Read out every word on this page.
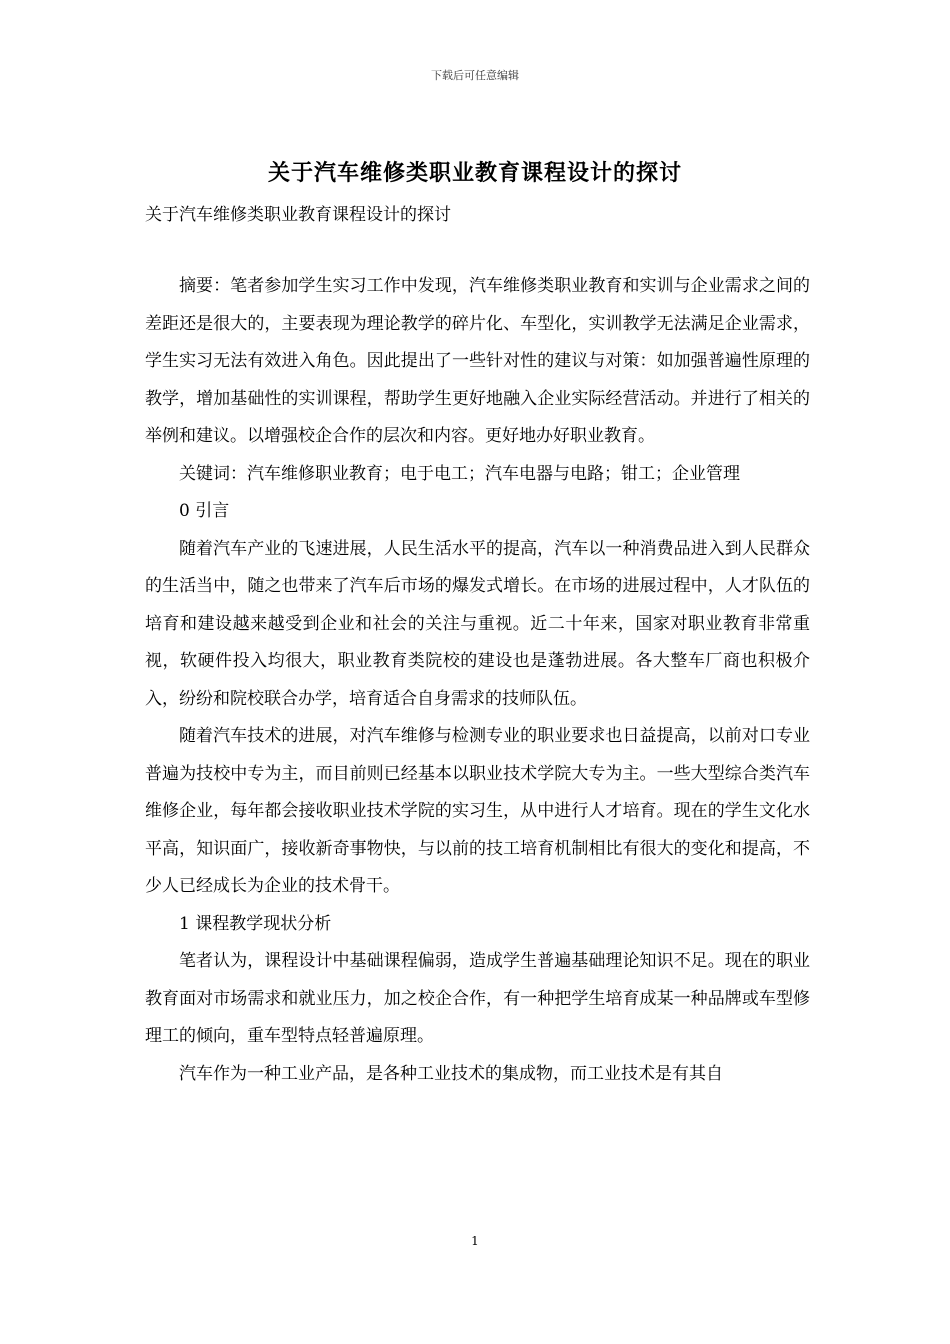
下载后可任意编辑
关于汽车维修类职业教育课程设计的探讨
关于汽车维修类职业教育课程设计的探讨

摘要：笔者参加学生实习工作中发现，汽车维修类职业教育和实训与企业需求之间的差距还是很大的，主要表现为理论教学的碎片化、车型化，实训教学无法满足企业需求，学生实习无法有效进入角色。因此提出了一些针对性的建议与对策：如加强普遍性原理的教学，增加基础性的实训课程，帮助学生更好地融入企业实际经营活动。并进行了相关的举例和建议。以增强校企合作的层次和内容。更好地办好职业教育。

关键词：汽车维修职业教育；电于电工；汽车电器与电路；钳工；企业管理

0 引言

随着汽车产业的飞速进展，人民生活水平的提高，汽车以一种消费品进入到人民群众的生活当中，随之也带来了汽车后市场的爆发式增长。在市场的进展过程中，人才队伍的培育和建设越来越受到企业和社会的关注与重视。近二十年来，国家对职业教育非常重视，软硬件投入均很大，职业教育类院校的建设也是蓬勃进展。各大整车厂商也积极介入，纷纷和院校联合办学，培育适合自身需求的技师队伍。

随着汽车技术的进展，对汽车维修与检测专业的职业要求也日益提高，以前对口专业普遍为技校中专为主，而目前则已经基本以职业技术学院大专为主。一些大型综合类汽车维修企业，每年都会接收职业技术学院的实习生，从中进行人才培育。现在的学生文化水平高，知识面广，接收新奇事物快，与以前的技工培育机制相比有很大的变化和提高，不少人已经成长为企业的技术骨干。

1 课程教学现状分析

笔者认为，课程设计中基础课程偏弱，造成学生普遍基础理论知识不足。现在的职业教育面对市场需求和就业压力，加之校企合作，有一种把学生培育成某一种品牌或车型修理工的倾向，重车型特点轻普遍原理。

汽车作为一种工业产品，是各种工业技术的集成物，而工业技术是有其自

1
